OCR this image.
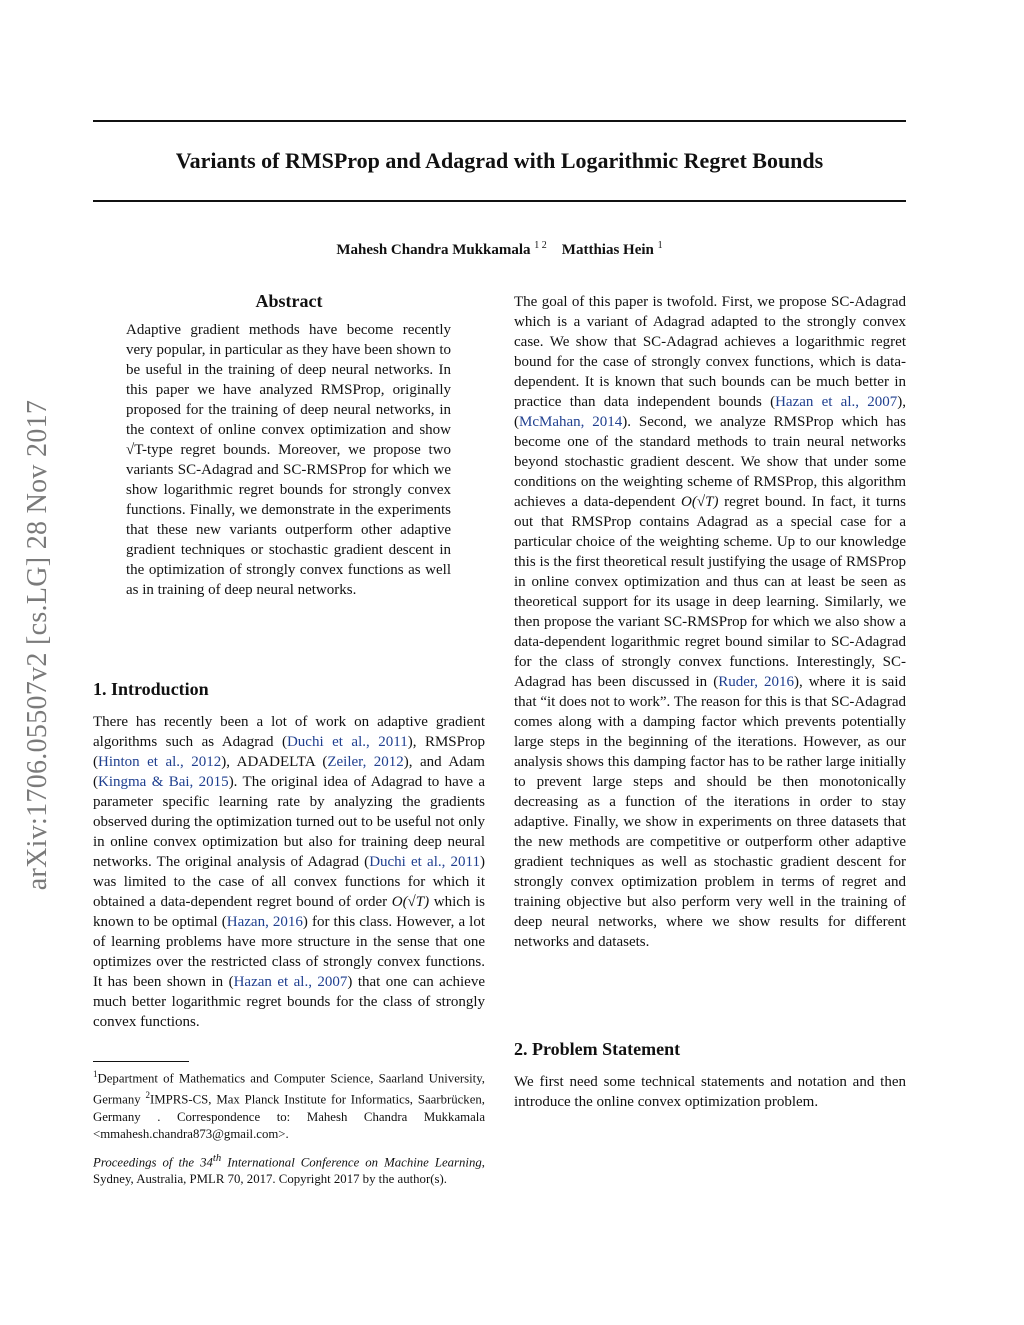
arXiv:1706.05507v2 [cs.LG] 28 Nov 2017
Variants of RMSProp and Adagrad with Logarithmic Regret Bounds
Mahesh Chandra Mukkamala $^{1 2}$ Matthias Hein $^1$
Abstract
Adaptive gradient methods have become recently very popular, in particular as they have been shown to be useful in the training of deep neural networks. In this paper we have analyzed RMSProp, originally proposed for the training of deep neural networks, in the context of online convex optimization and show √T-type regret bounds. Moreover, we propose two variants SC-Adagrad and SC-RMSProp for which we show logarithmic regret bounds for strongly convex functions. Finally, we demonstrate in the experiments that these new variants outperform other adaptive gradient techniques or stochastic gradient descent in the optimization of strongly convex functions as well as in training of deep neural networks.
1. Introduction
There has recently been a lot of work on adaptive gradient algorithms such as Adagrad (Duchi et al., 2011), RMSProp (Hinton et al., 2012), ADADELTA (Zeiler, 2012), and Adam (Kingma & Bai, 2015). The original idea of Adagrad to have a parameter specific learning rate by analyzing the gradients observed during the optimization turned out to be useful not only in online convex optimization but also for training deep neural networks. The original analysis of Adagrad (Duchi et al., 2011) was limited to the case of all convex functions for which it obtained a data-dependent regret bound of order O(√T) which is known to be optimal (Hazan, 2016) for this class. However, a lot of learning problems have more structure in the sense that one optimizes over the restricted class of strongly convex functions. It has been shown in (Hazan et al., 2007) that one can achieve much better logarithmic regret bounds for the class of strongly convex functions.
The goal of this paper is twofold. First, we propose SC-Adagrad which is a variant of Adagrad adapted to the strongly convex case. We show that SC-Adagrad achieves a logarithmic regret bound for the case of strongly convex functions, which is data-dependent. It is known that such bounds can be much better in practice than data independent bounds (Hazan et al., 2007),(McMahan, 2014). Second, we analyze RMSProp which has become one of the standard methods to train neural networks beyond stochastic gradient descent. We show that under some conditions on the weighting scheme of RMSProp, this algorithm achieves a data-dependent O(√T) regret bound. In fact, it turns out that RMSProp contains Adagrad as a special case for a particular choice of the weighting scheme. Up to our knowledge this is the first theoretical result justifying the usage of RMSProp in online convex optimization and thus can at least be seen as theoretical support for its usage in deep learning. Similarly, we then propose the variant SC-RMSProp for which we also show a data-dependent logarithmic regret bound similar to SC-Adagrad for the class of strongly convex functions. Interestingly, SC-Adagrad has been discussed in (Ruder, 2016), where it is said that “it does not to work”. The reason for this is that SC-Adagrad comes along with a damping factor which prevents potentially large steps in the beginning of the iterations. However, as our analysis shows this damping factor has to be rather large initially to prevent large steps and should be then monotonically decreasing as a function of the iterations in order to stay adaptive. Finally, we show in experiments on three datasets that the new methods are competitive or outperform other adaptive gradient techniques as well as stochastic gradient descent for strongly convex optimization problem in terms of regret and training objective but also perform very well in the training of deep neural networks, where we show results for different networks and datasets.
2. Problem Statement
We first need some technical statements and notation and then introduce the online convex optimization problem.
$^1$Department of Mathematics and Computer Science, Saarland University, Germany $^2$IMPRS-CS, Max Planck Institute for Informatics, Saarbrücken, Germany . Correspondence to: Mahesh Chandra Mukkamala <mmahesh.chandra873@gmail.com>.
Proceedings of the 34th International Conference on Machine Learning, Sydney, Australia, PMLR 70, 2017. Copyright 2017 by the author(s).
